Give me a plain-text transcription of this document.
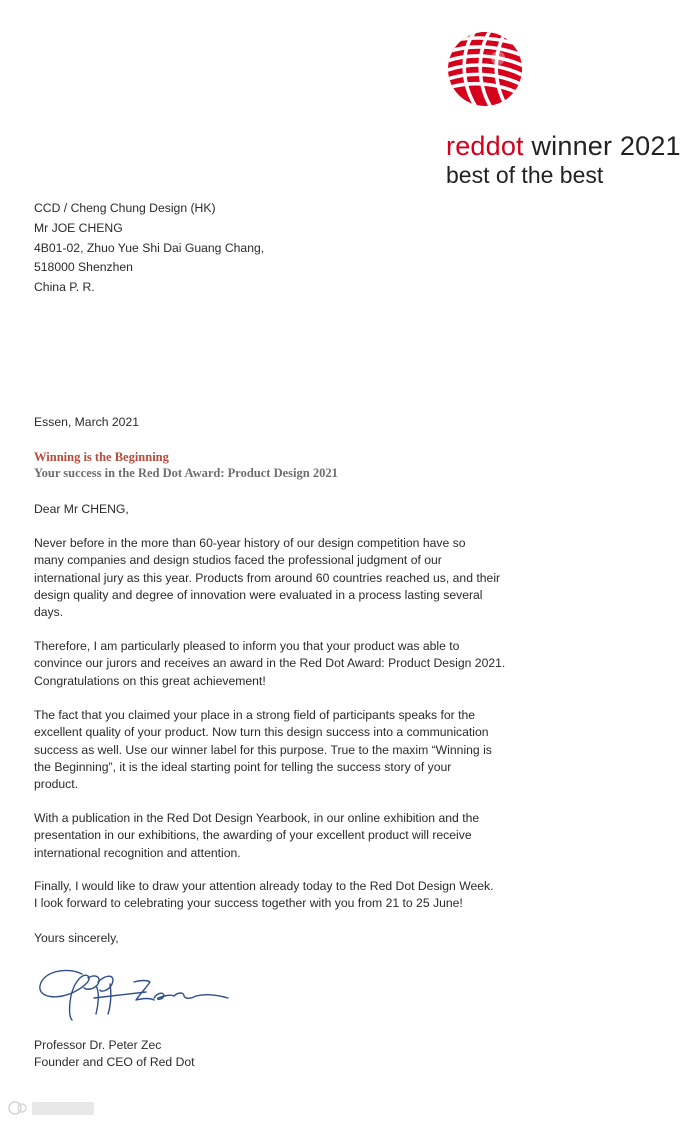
reddot winner 2021
best of the best
CCD / Cheng Chung Design (HK)
Mr JOE CHENG
4B01-02, Zhuo Yue Shi Dai Guang Chang,
518000 Shenzhen
China P. R.
Essen, March 2021
Winning is the Beginning
Your success in the Red Dot Award: Product Design 2021
Dear Mr CHENG,
Never before in the more than 60-year history of our design competition have so
many companies and design studios faced the professional judgment of our
international jury as this year. Products from around 60 countries reached us, and their
design quality and degree of innovation were evaluated in a process lasting several
days.
Therefore, I am particularly pleased to inform you that your product was able to
convince our jurors and receives an award in the Red Dot Award: Product Design 2021.
Congratulations on this great achievement!
The fact that you claimed your place in a strong field of participants speaks for the
excellent quality of your product. Now turn this design success into a communication
success as well. Use our winner label for this purpose. True to the maxim “Winning is
the Beginning”, it is the ideal starting point for telling the success story of your
product.
With a publication in the Red Dot Design Yearbook, in our online exhibition and the
presentation in our exhibitions, the awarding of your excellent product will receive
international recognition and attention.
Finally, I would like to draw your attention already today to the Red Dot Design Week.
I look forward to celebrating your success together with you from 21 to 25 June!
Yours sincerely,
Professor Dr. Peter Zec
Founder and CEO of Red Dot
